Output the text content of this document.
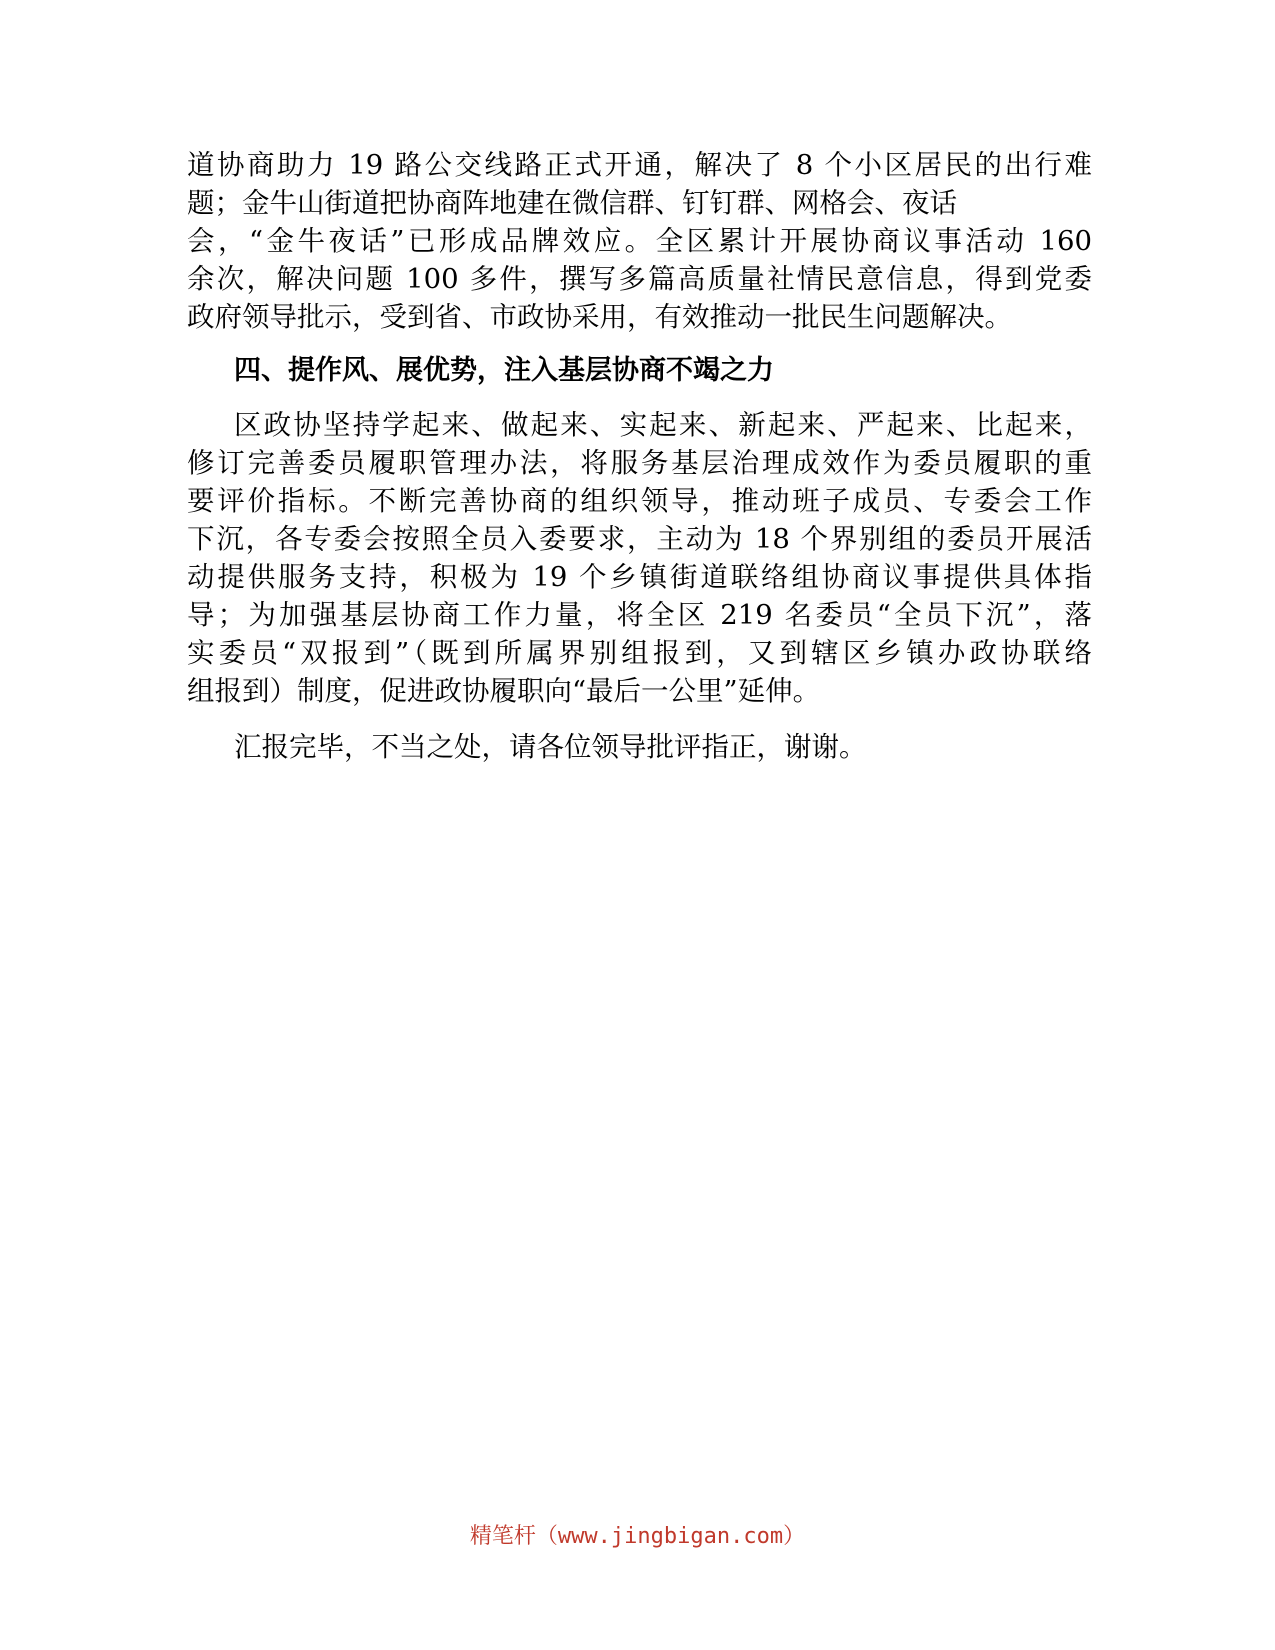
道协商助力 19 路公交线路正式开通，解决了 8 个小区居民的出行难
题；金牛山街道把协商阵地建在微信群、钉钉群、网格会、夜话
会，“金牛夜话”已形成品牌效应。全区累计开展协商议事活动 160
余次，解决问题 100 多件，撰写多篇高质量社情民意信息，得到党委
政府领导批示，受到省、市政协采用，有效推动一批民生问题解决。
四、提作风、展优势，注入基层协商不竭之力
区政协坚持学起来、做起来、实起来、新起来、严起来、比起来，
修订完善委员履职管理办法，将服务基层治理成效作为委员履职的重
要评价指标。不断完善协商的组织领导，推动班子成员、专委会工作
下沉，各专委会按照全员入委要求，主动为 18 个界别组的委员开展活
动提供服务支持，积极为 19 个乡镇街道联络组协商议事提供具体指
导；为加强基层协商工作力量，将全区 219 名委员“全员下沉”，落
实委员“双报到”（既到所属界别组报到，又到辖区乡镇办政协联络
组报到）制度，促进政协履职向“最后一公里”延伸。
汇报完毕，不当之处，请各位领导批评指正，谢谢。
精笔杆（www.jingbigan.com）
